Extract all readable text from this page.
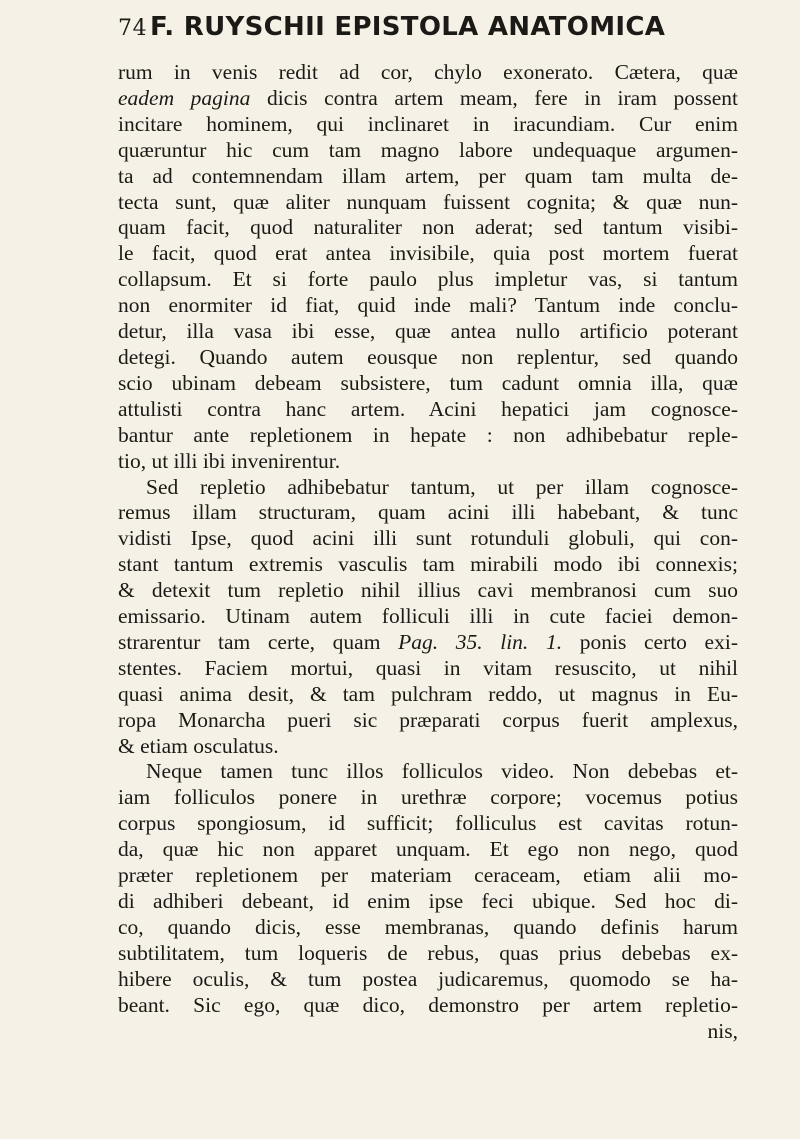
74 F. RUYSCHII EPISTOLA ANATOMICA
rum in venis redit ad cor, chylo exonerato. Cætera, quæ
eadem pagina dicis contra artem meam, fere in iram possent
incitare hominem, qui inclinaret in iracundiam. Cur enim
quæruntur hic cum tam magno labore undequaque argumen-
ta ad contemnendam illam artem, per quam tam multa de-
tecta sunt, quæ aliter nunquam fuissent cognita; & quæ nun-
quam facit, quod naturaliter non aderat; sed tantum visibi-
le facit, quod erat antea invisibile, quia post mortem fuerat
collapsum. Et si forte paulo plus impletur vas, si tantum
non enormiter id fiat, quid inde mali? Tantum inde conclu-
detur, illa vasa ibi esse, quæ antea nullo artificio poterant
detegi. Quando autem eousque non replentur, sed quando
scio ubinam debeam subsistere, tum cadunt omnia illa, quæ
attulisti contra hanc artem. Acini hepatici jam cognosce-
bantur ante repletionem in hepate : non adhibebatur reple-
tio, ut illi ibi invenirentur.
Sed repletio adhibebatur tantum, ut per illam cognosce-
remus illam structuram, quam acini illi habebant, & tunc
vidisti Ipse, quod acini illi sunt rotunduli globuli, qui con-
stant tantum extremis vasculis tam mirabili modo ibi connexis;
& detexit tum repletio nihil illius cavi membranosi cum suo
emissario. Utinam autem folliculi illi in cute faciei demon-
strarentur tam certe, quam Pag. 35. lin. 1. ponis certo exi-
stentes. Faciem mortui, quasi in vitam resuscito, ut nihil
quasi anima desit, & tam pulchram reddo, ut magnus in Eu-
ropa Monarcha pueri sic præparati corpus fuerit amplexus,
& etiam osculatus.
Neque tamen tunc illos folliculos video. Non debebas et-
iam folliculos ponere in urethræ corpore; vocemus potius
corpus spongiosum, id sufficit; folliculus est cavitas rotun-
da, quæ hic non apparet unquam. Et ego non nego, quod
præter repletionem per materiam ceraceam, etiam alii mo-
di adhiberi debeant, id enim ipse feci ubique. Sed hoc di-
co, quando dicis, esse membranas, quando definis harum
subtilitatem, tum loqueris de rebus, quas prius debebas ex-
hibere oculis, & tum postea judicaremus, quomodo se ha-
beant. Sic ego, quæ dico, demonstro per artem repletio-
nis,
